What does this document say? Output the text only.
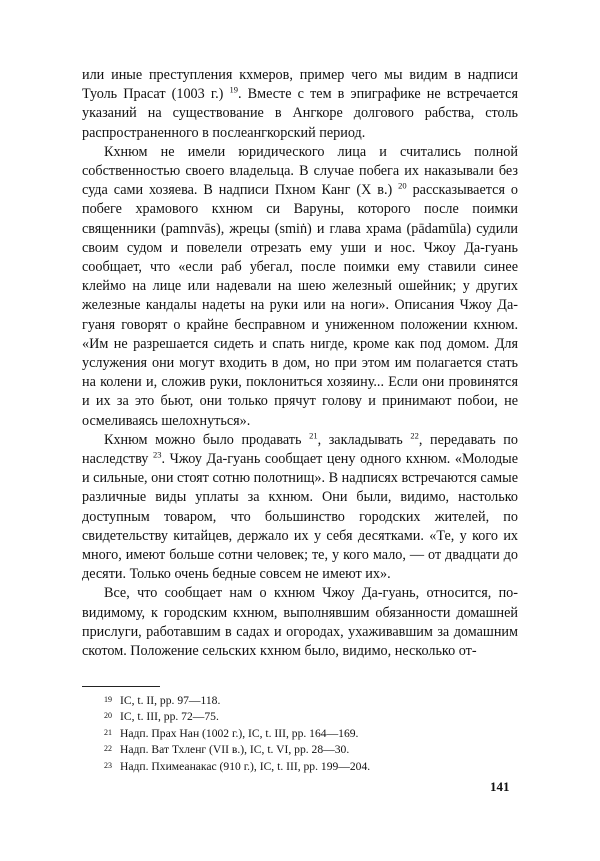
или иные преступления кхмеров, пример чего мы видим в надписи Туоль Прасат (1003 г.) $^{19}$. Вместе с тем в эпиграфике не встречается указаний на существование в Ангкоре долгового рабства, столь распространенного в послеангкорский период.

Кхнюм не имели юридического лица и считались полной собственностью своего владельца. В случае побега их наказывали без суда сами хозяева. В надписи Пхном Канг (X в.) $^{20}$ рассказывается о побеге храмового кхнюм си Варуны, которого после поимки священники (pamnvās), жрецы (smiṅ) и глава храма (pādamūla) судили своим судом и повелели отрезать ему уши и нос. Чжоу Да-гуань сообщает, что «если раб убегал, после поимки ему ставили синее клеймо на лице или надевали на шею железный ошейник; у других железные кандалы надеты на руки или на ноги». Описания Чжоу Да-гуаня говорят о крайне бесправном и униженном положении кхнюм. «Им не разрешается сидеть и спать нигде, кроме как под домом. Для услужения они могут входить в дом, но при этом им полагается стать на колени и, сложив руки, поклониться хозяину... Если они провинятся и их за это бьют, они только прячут голову и принимают побои, не осмеливаясь шелохнуться».

Кхнюм можно было продавать $^{21}$, закладывать $^{22}$, передавать по наследству $^{23}$. Чжоу Да-гуань сообщает цену одного кхнюм. «Молодые и сильные, они стоят сотню полотнищ». В надписях встречаются самые различные виды уплаты за кхнюм. Они были, видимо, настолько доступным товаром, что большинство городских жителей, по свидетельству китайцев, держало их у себя десятками. «Те, у кого их много, имеют больше сотни человек; те, у кого мало, — от двадцати до десяти. Только очень бедные совсем не имеют их».

Все, что сообщает нам о кхнюм Чжоу Да-гуань, относится, по-видимому, к городским кхнюм, выполнявшим обязанности домашней прислуги, работавшим в садах и огородах, ухаживавшим за домашним скотом. Положение сельских кхнюм было, видимо, несколько от-

19 IC, t. II, pp. 97—118.
20 IC, t. III, pp. 72—75.
21 Надп. Прах Нан (1002 г.), IC, t. III, pp. 164—169.
22 Надп. Ват Тхленг (VII в.), IC, t. VI, pp. 28—30.
23 Надп. Пхимеанакас (910 г.), IC, t. III, pp. 199—204.
141
